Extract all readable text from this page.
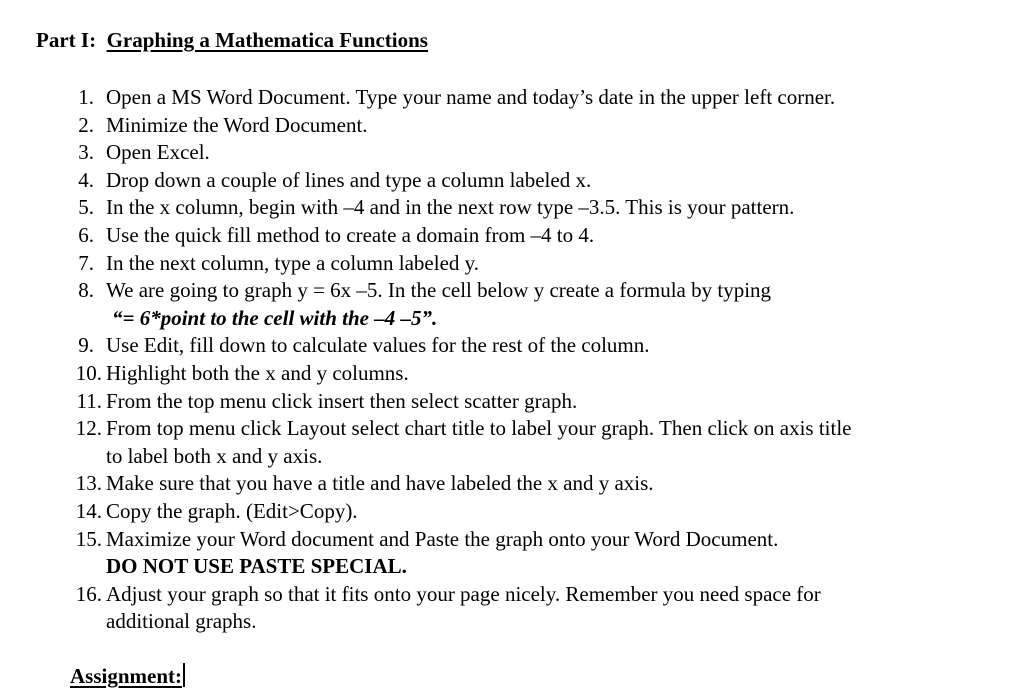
Part I: Graphing a Mathematica Functions
1. Open a MS Word Document. Type your name and today’s date in the upper left corner.
2. Minimize the Word Document.
3. Open Excel.
4. Drop down a couple of lines and type a column labeled x.
5. In the x column, begin with –4 and in the next row type –3.5. This is your pattern.
6. Use the quick fill method to create a domain from –4 to 4.
7. In the next column, type a column labeled y.
8. We are going to graph y = 6x –5. In the cell below y create a formula by typing
“= 6*point to the cell with the –4 –5”.
9. Use Edit, fill down to calculate values for the rest of the column.
10. Highlight both the x and y columns.
11. From the top menu click insert then select scatter graph.
12. From top menu click Layout select chart title to label your graph. Then click on axis title
to label both x and y axis.
13. Make sure that you have a title and have labeled the x and y axis.
14. Copy the graph. (Edit>Copy).
15. Maximize your Word document and Paste the graph onto your Word Document.
DO NOT USE PASTE SPECIAL.
16. Adjust your graph so that it fits onto your page nicely. Remember you need space for
additional graphs.
Assignment:
